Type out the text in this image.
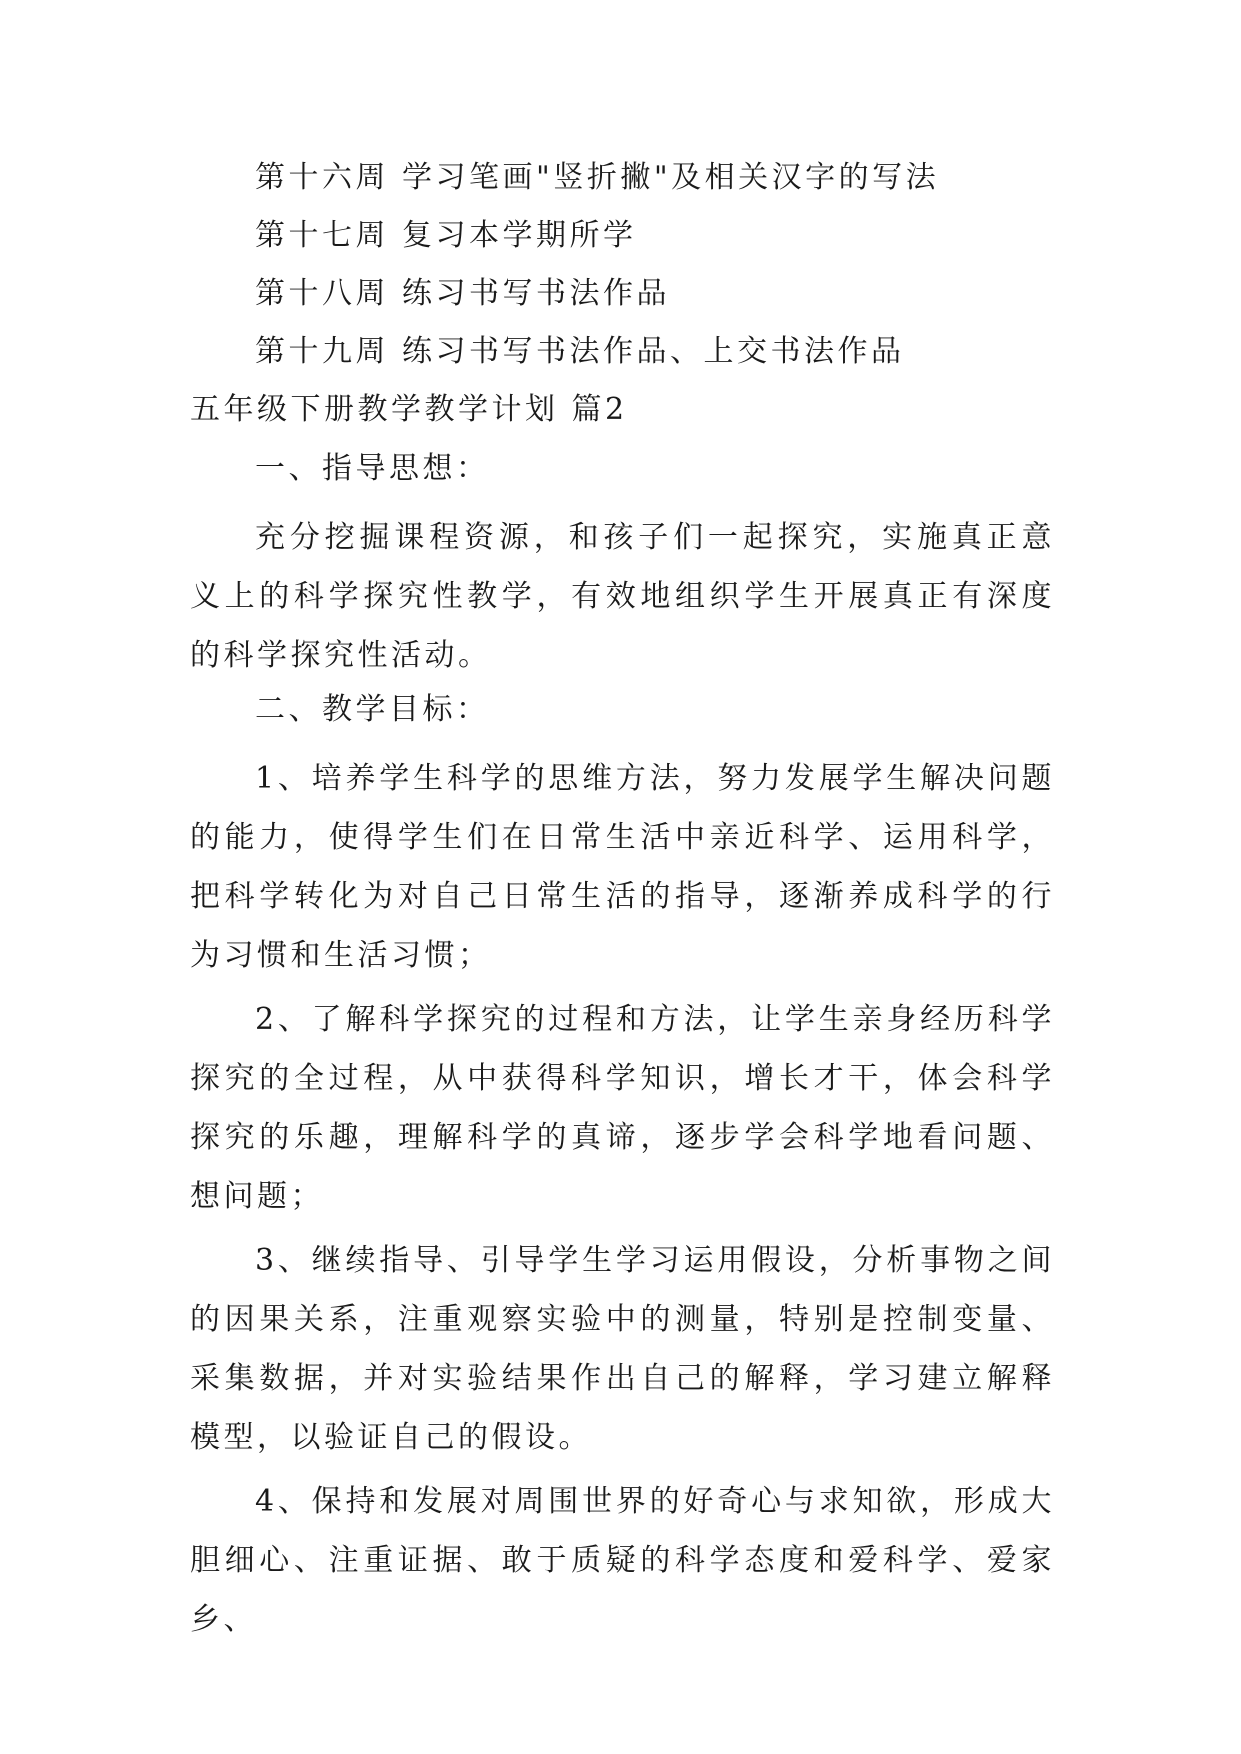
第十六周 学习笔画"竖折撇"及相关汉字的写法
第十七周 复习本学期所学
第十八周 练习书写书法作品
第十九周 练习书写书法作品、上交书法作品
五年级下册教学教学计划 篇2
一、指导思想：

充分挖掘课程资源，和孩子们一起探究，实施真正意义上的科学探究性教学，有效地组织学生开展真正有深度的科学探究性活动。

二、教学目标：

1、培养学生科学的思维方法，努力发展学生解决问题的能力，使得学生们在日常生活中亲近科学、运用科学，把科学转化为对自己日常生活的指导，逐渐养成科学的行为习惯和生活习惯；

2、了解科学探究的过程和方法，让学生亲身经历科学探究的全过程，从中获得科学知识，增长才干，体会科学探究的乐趣，理解科学的真谛，逐步学会科学地看问题、想问题；

3、继续指导、引导学生学习运用假设，分析事物之间的因果关系，注重观察实验中的测量，特别是控制变量、采集数据，并对实验结果作出自己的解释，学习建立解释模型，以验证自己的假设。

4、保持和发展对周围世界的好奇心与求知欲，形成大胆细心、注重证据、敢于质疑的科学态度和爱科学、爱家乡、
